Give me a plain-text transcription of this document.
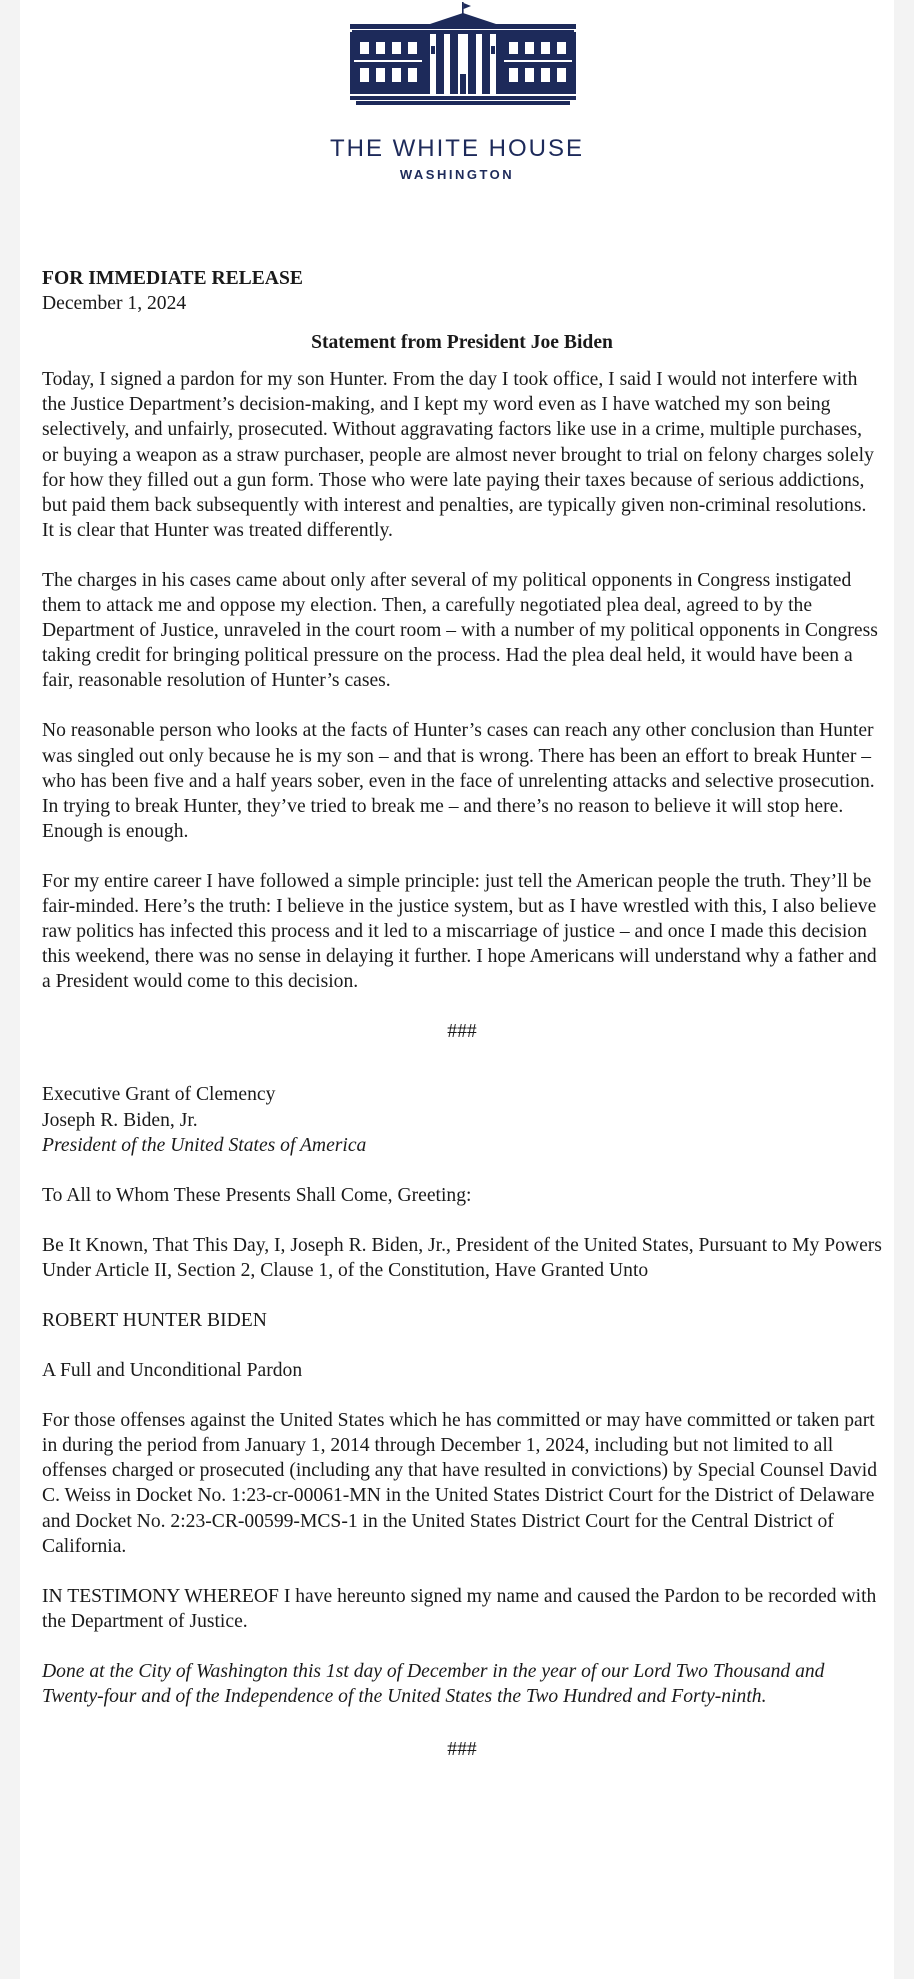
THE WHITE HOUSE
WASHINGTON

FOR IMMEDIATE RELEASE

December 1, 2024

Statement from President Joe Biden

Today, I signed a pardon for my son Hunter. From the day I took office, I said I would not interfere with the Justice Department’s decision-making, and I kept my word even as I have watched my son being selectively, and unfairly, prosecuted. Without aggravating factors like use in a crime, multiple purchases, or buying a weapon as a straw purchaser, people are almost never brought to trial on felony charges solely for how they filled out a gun form. Those who were late paying their taxes because of serious addictions, but paid them back subsequently with interest and penalties, are typically given non-criminal resolutions. It is clear that Hunter was treated differently.

The charges in his cases came about only after several of my political opponents in Congress instigated them to attack me and oppose my election. Then, a carefully negotiated plea deal, agreed to by the Department of Justice, unraveled in the court room – with a number of my political opponents in Congress taking credit for bringing political pressure on the process. Had the plea deal held, it would have been a fair, reasonable resolution of Hunter’s cases.

No reasonable person who looks at the facts of Hunter’s cases can reach any other conclusion than Hunter was singled out only because he is my son – and that is wrong. There has been an effort to break Hunter – who has been five and a half years sober, even in the face of unrelenting attacks and selective prosecution. In trying to break Hunter, they’ve tried to break me – and there’s no reason to believe it will stop here. Enough is enough.

For my entire career I have followed a simple principle: just tell the American people the truth. They’ll be fair-minded. Here’s the truth: I believe in the justice system, but as I have wrestled with this, I also believe raw politics has infected this process and it led to a miscarriage of justice – and once I made this decision this weekend, there was no sense in delaying it further. I hope Americans will understand why a father and a President would come to this decision.

###

Executive Grant of Clemency

Joseph R. Biden, Jr.

President of the United States of America

To All to Whom These Presents Shall Come, Greeting:

Be It Known, That This Day, I, Joseph R. Biden, Jr., President of the United States, Pursuant to My Powers Under Article II, Section 2, Clause 1, of the Constitution, Have Granted Unto

ROBERT HUNTER BIDEN

A Full and Unconditional Pardon

For those offenses against the United States which he has committed or may have committed or taken part in during the period from January 1, 2014 through December 1, 2024, including but not limited to all offenses charged or prosecuted (including any that have resulted in convictions) by Special Counsel David C. Weiss in Docket No. 1:23-cr-00061-MN in the United States District Court for the District of Delaware and Docket No. 2:23-CR-00599-MCS-1 in the United States District Court for the Central District of California.

IN TESTIMONY WHEREOF I have hereunto signed my name and caused the Pardon to be recorded with the Department of Justice.

Done at the City of Washington this 1st day of December in the year of our Lord Two Thousand and Twenty-four and of the Independence of the United States the Two Hundred and Forty-ninth.

###
